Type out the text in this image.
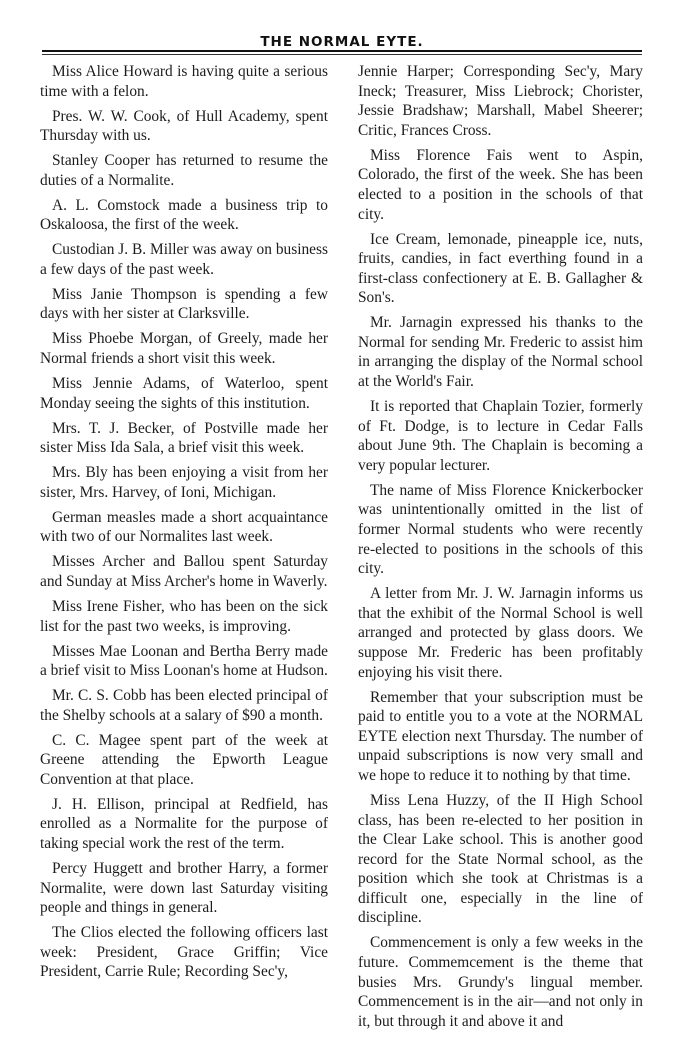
THE NORMAL EYTE.

Miss Alice Howard is having quite a serious time with a felon.

Pres. W. W. Cook, of Hull Academy, spent Thursday with us.

Stanley Cooper has returned to resume the duties of a Normalite.

A. L. Comstock made a business trip to Oskaloosa, the first of the week.

Custodian J. B. Miller was away on business a few days of the past week.

Miss Janie Thompson is spending a few days with her sister at Clarksville.

Miss Phoebe Morgan, of Greely, made her Normal friends a short visit this week.

Miss Jennie Adams, of Waterloo, spent Monday seeing the sights of this institution.

Mrs. T. J. Becker, of Postville made her sister Miss Ida Sala, a brief visit this week.

Mrs. Bly has been enjoying a visit from her sister, Mrs. Harvey, of Ioni, Michigan.

German measles made a short acquaintance with two of our Normalites last week.

Misses Archer and Ballou spent Saturday and Sunday at Miss Archer's home in Waverly.

Miss Irene Fisher, who has been on the sick list for the past two weeks, is improving.

Misses Mae Loonan and Bertha Berry made a brief visit to Miss Loonan's home at Hudson.

Mr. C. S. Cobb has been elected principal of the Shelby schools at a salary of $90 a month.

C. C. Magee spent part of the week at Greene attending the Epworth League Convention at that place.

J. H. Ellison, principal at Redfield, has enrolled as a Normalite for the purpose of taking special work the rest of the term.

Percy Huggett and brother Harry, a former Normalite, were down last Saturday visiting people and things in general.

The Clios elected the following officers last week: President, Grace Griffin; Vice President, Carrie Rule; Recording Sec'y,

Jennie Harper; Corresponding Sec'y, Mary Ineck; Treasurer, Miss Liebrock; Chorister, Jessie Bradshaw; Marshall, Mabel Sheerer; Critic, Frances Cross.

Miss Florence Fais went to Aspin, Colorado, the first of the week. She has been elected to a position in the schools of that city.

Ice Cream, lemonade, pineapple ice, nuts, fruits, candies, in fact everthing found in a first-class confectionery at E. B. Gallagher & Son's.

Mr. Jarnagin expressed his thanks to the Normal for sending Mr. Frederic to assist him in arranging the display of the Normal school at the World's Fair.

It is reported that Chaplain Tozier, formerly of Ft. Dodge, is to lecture in Cedar Falls about June 9th. The Chaplain is becoming a very popular lecturer.

The name of Miss Florence Knickerbocker was unintentionally omitted in the list of former Normal students who were recently re-elected to positions in the schools of this city.

A letter from Mr. J. W. Jarnagin informs us that the exhibit of the Normal School is well arranged and protected by glass doors. We suppose Mr. Frederic has been profitably enjoying his visit there.

Remember that your subscription must be paid to entitle you to a vote at the NORMAL EYTE election next Thursday. The number of unpaid subscriptions is now very small and we hope to reduce it to nothing by that time.

Miss Lena Huzzy, of the II High School class, has been re-elected to her position in the Clear Lake school. This is another good record for the State Normal school, as the position which she took at Christmas is a difficult one, especially in the line of discipline.

Commencement is only a few weeks in the future. Commemcement is the theme that busies Mrs. Grundy's lingual member. Commencement is in the air—and not only in it, but through it and above it and
